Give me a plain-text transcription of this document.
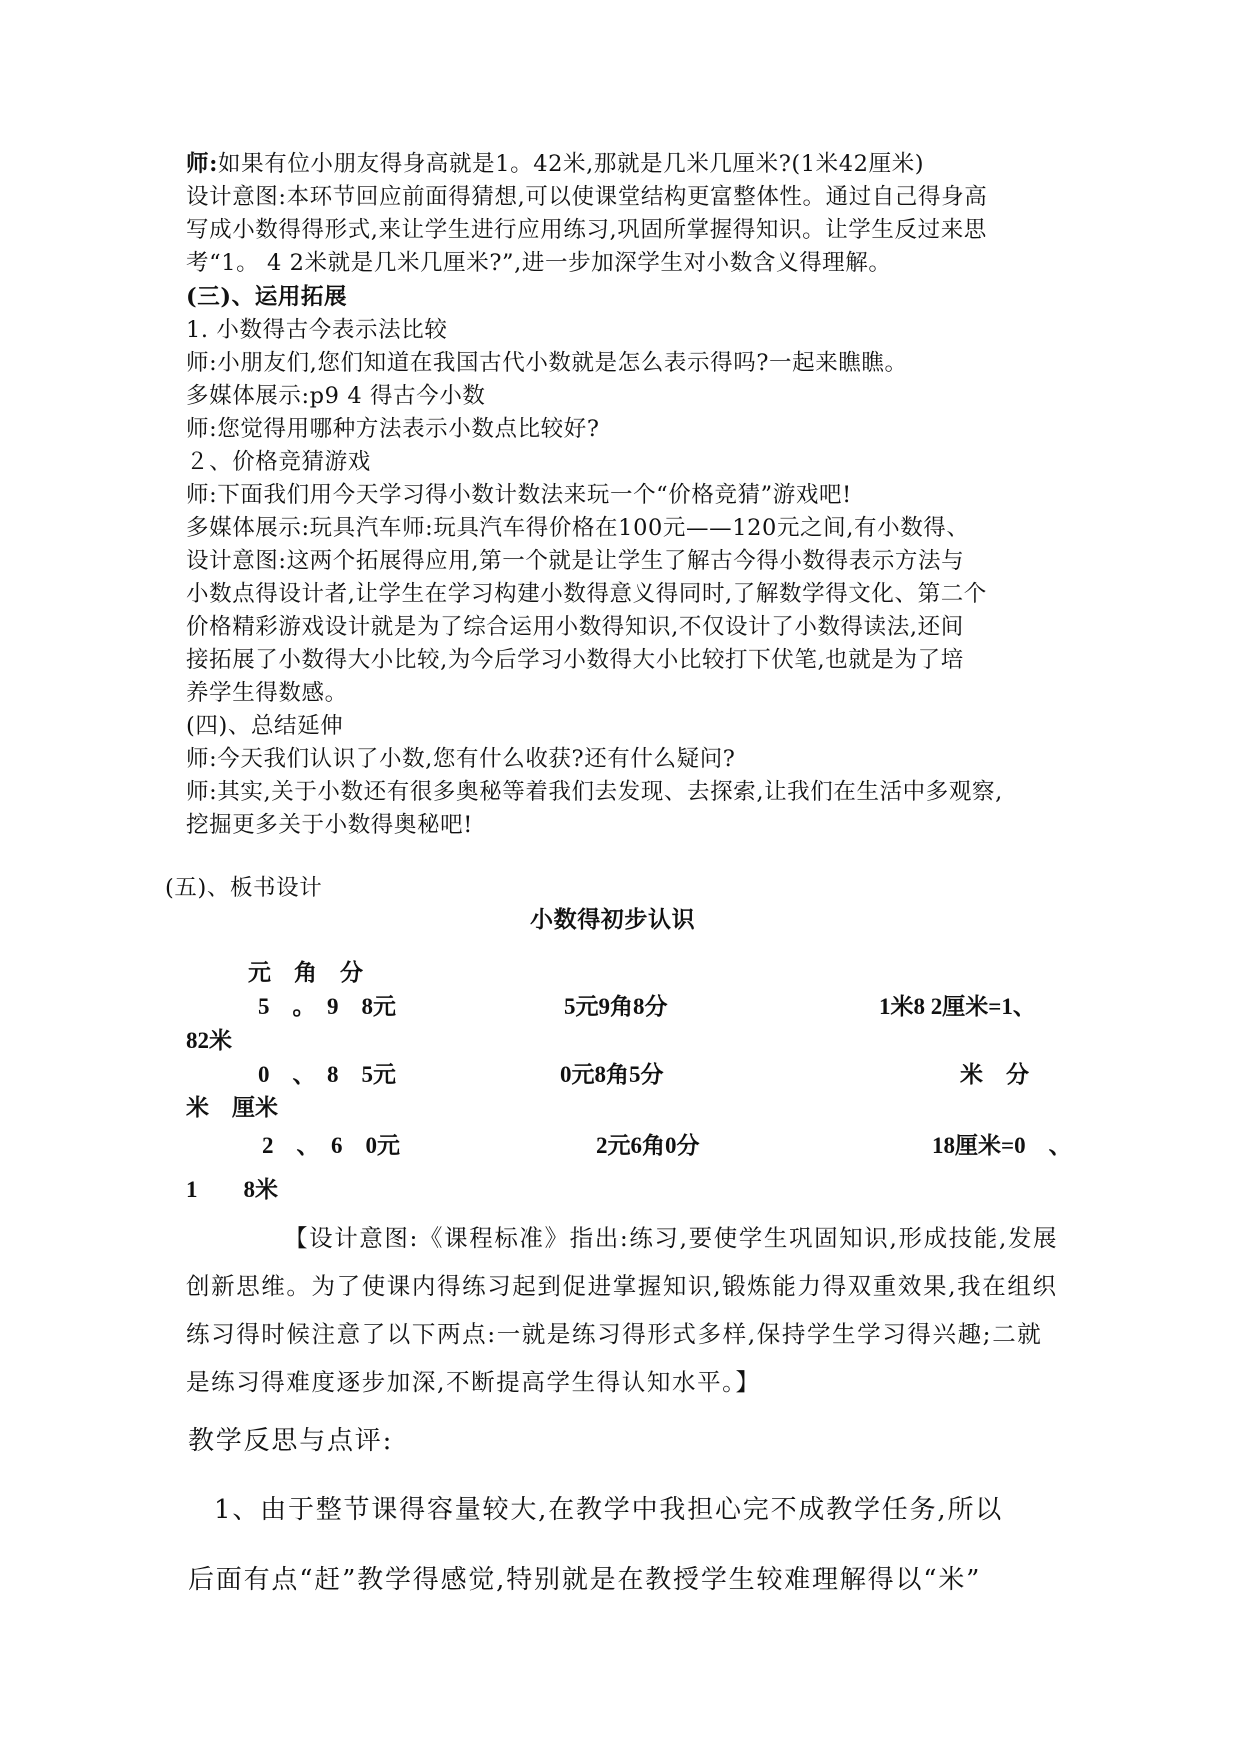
师:如果有位小朋友得身高就是1。42米,那就是几米几厘米?(1米42厘米)
设计意图:本环节回应前面得猜想,可以使课堂结构更富整体性。通过自己得身高
写成小数得得形式,来让学生进行应用练习,巩固所掌握得知识。让学生反过来思
考“1。 4 2米就是几米几厘米?”,进一步加深学生对小数含义得理解。
(三)、运用拓展
1. 小数得古今表示法比较
师:小朋友们,您们知道在我国古代小数就是怎么表示得吗?一起来瞧瞧。
多媒体展示:p9 4 得古今小数
师:您觉得用哪种方法表示小数点比较好?
２、价格竞猜游戏
师:下面我们用今天学习得小数计数法来玩一个“价格竞猜”游戏吧!
多媒体展示:玩具汽车师:玩具汽车得价格在100元——120元之间,有小数得、
设计意图:这两个拓展得应用,第一个就是让学生了解古今得小数得表示方法与
小数点得设计者,让学生在学习构建小数得意义得同时,了解数学得文化、第二个
价格精彩游戏设计就是为了综合运用小数得知识,不仅设计了小数得读法,还间
接拓展了小数得大小比较,为今后学习小数得大小比较打下伏笔,也就是为了培
养学生得数感。
(四)、总结延伸
师:今天我们认识了小数,您有什么收获?还有什么疑问?
师:其实,关于小数还有很多奥秘等着我们去发现、去探索,让我们在生活中多观察,
挖掘更多关于小数得奥秘吧!
(五)、板书设计
小数得初步认识
元　角　分
5　。　9　8元	5元9角8分	1米8 2厘米=1、
82米
0　、　8　5元	0元8角5分	米　分
米　厘米
2　、　6　0元	2元6角0分	18厘米=0　、
1　　8米
【设计意图:《课程标准》指出:练习,要使学生巩固知识,形成技能,发展
创新思维。为了使课内得练习起到促进掌握知识,锻炼能力得双重效果,我在组织
练习得时候注意了以下两点:一就是练习得形式多样,保持学生学习得兴趣;二就
是练习得难度逐步加深,不断提高学生得认知水平。】
教学反思与点评:
1、由于整节课得容量较大,在教学中我担心完不成教学任务,所以
后面有点“赶”教学得感觉,特别就是在教授学生较难理解得以“米”
